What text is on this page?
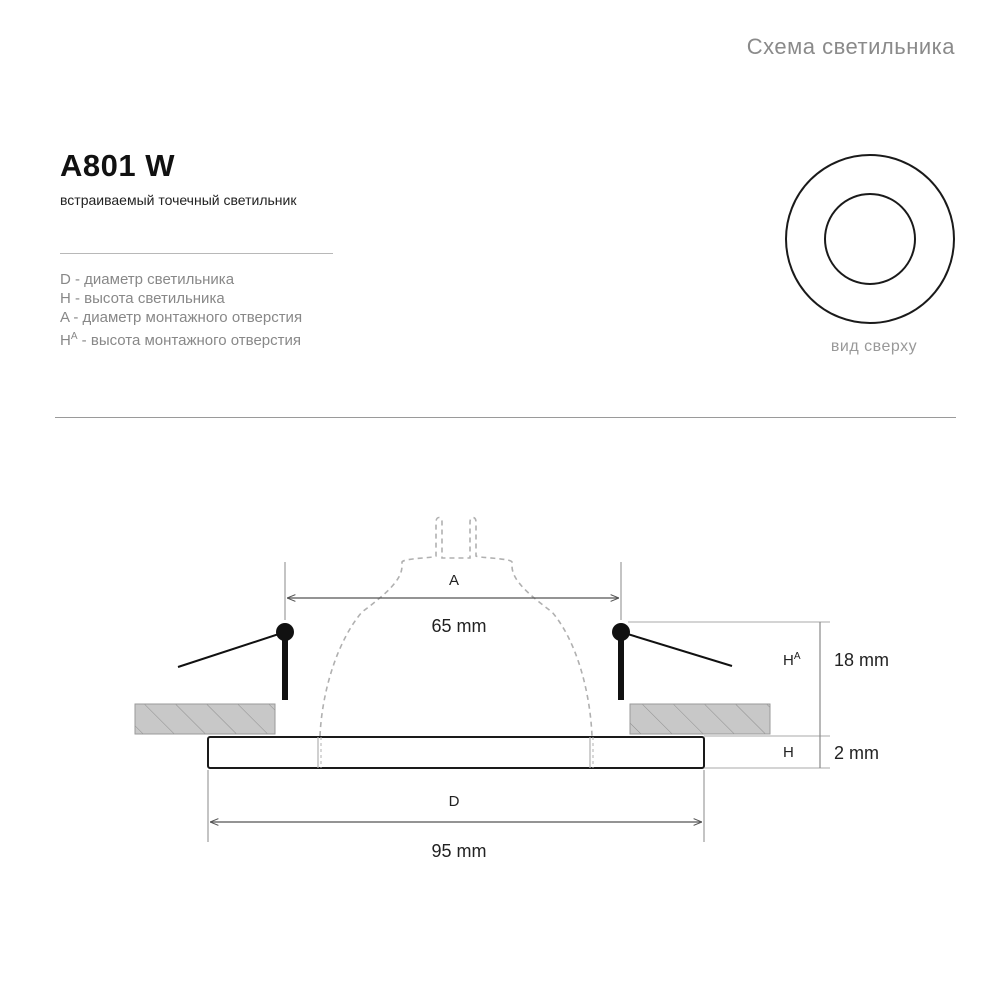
Схема светильника
A801 W
встраиваемый точечный светильник
D - диаметр светильника
H - высота светильника
A - диаметр монтажного отверстия
$H^A$ - высота монтажного отверстия	вид сверху
A
65 mm
D
95 mm
$H^A$ 18 mm
H 2 mm
